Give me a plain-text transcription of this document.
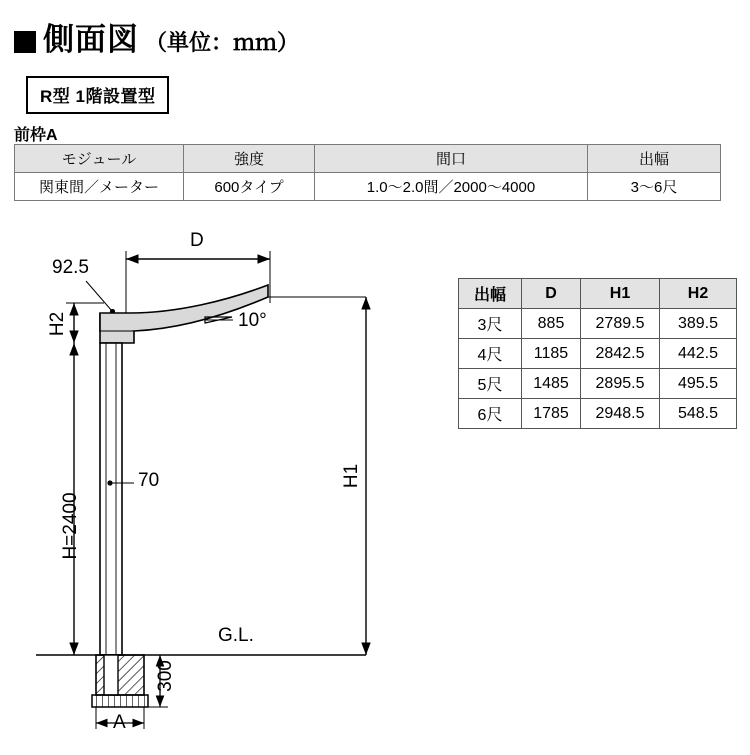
側面図 （単位：ｍｍ）
R型 1階設置型
前枠A
モジュール	強度	間口	出幅
関東間／メーター	600タイプ	1.0〜2.0間／2000〜4000	3〜6尺
出幅	D	H1	H2
3尺	885	2789.5	389.5
4尺	1185	2842.5	442.5
5尺	1485	2895.5	495.5
6尺	1785	2948.5	548.5
D
92.5
H2	10°
70
H=2400
H1
G.L.
A
300
